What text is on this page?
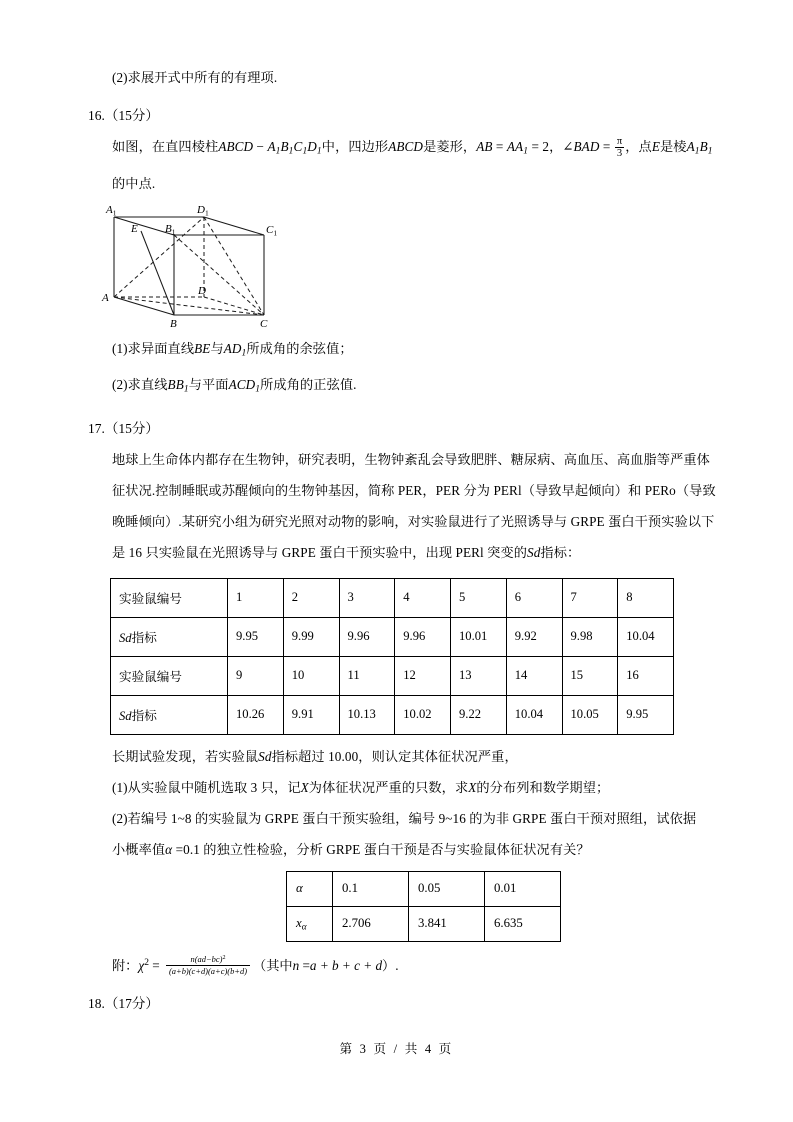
(2)求展开式中所有的有理项.
16.（15分）
如图，在直四棱柱ABCD − $A_1B_1C_1D_1$中，四边形ABCD是菱形，AB = $AA_1 = 2$，∠BAD = $\frac{\pi}{3}$ ，点E是棱$A_1B_1$
的中点.
$A_1$	$D_1$
$B_1$	$C_1$
E
A
D
B	C
(1)求异面直线BE与$AD_1$所成角的余弦值；
(2)求直线$BB_1$与平面$ACD_1$所成角的正弦值.
17.（15分）
地球上生命体内都存在生物钟，研究表明，生物钟紊乱会导致肥胖、糖尿病、高血压、高血脂等严重体
征状况.控制睡眠或苏醒倾向的生物钟基因，简称 PER，PER 分为 PERl（导致早起倾向）和 PERo（导致
晚睡倾向）.某研究小组为研究光照对动物的影响，对实验鼠进行了光照诱导与 GRPE 蛋白干预实验以下
是 16 只实验鼠在光照诱导与 GRPE 蛋白干预实验中，出现 PERl 突变的Sd指标：
实验鼠编号	1	2	3	4	5	6	7	8
Sd指标	9.95	9.99	9.96	9.96	10.01	9.92	9.98	10.04
实验鼠编号	9	10	11	12	13	14	15	16
Sd指标	10.26	9.91	10.13	10.02	9.22	10.04	10.05	9.95
长期试验发现，若实验鼠Sd指标超过 10.00，则认定其体征状况严重，
(1)从实验鼠中随机选取 3 只，记X为体征状况严重的只数，求X的分布列和数学期望；
(2)若编号 1~8 的实验鼠为 GRPE 蛋白干预实验组，编号 9~16 的为非 GRPE 蛋白干预对照组，试依据
小概率值α =0.1 的独立性检验，分析 GRPE 蛋白干预是否与实验鼠体征状况有关？
α	0.1	0.05	0.01
$x_\alpha$	2.706	3.841	6.635
附：$\chi^2 = \frac{n(ad-bc)^2}{(a+b)(c+d)(a+c)(b+d)}$ （其中n =a + b + c + d）.
18.（17分）
第 3 页 / 共 4 页
